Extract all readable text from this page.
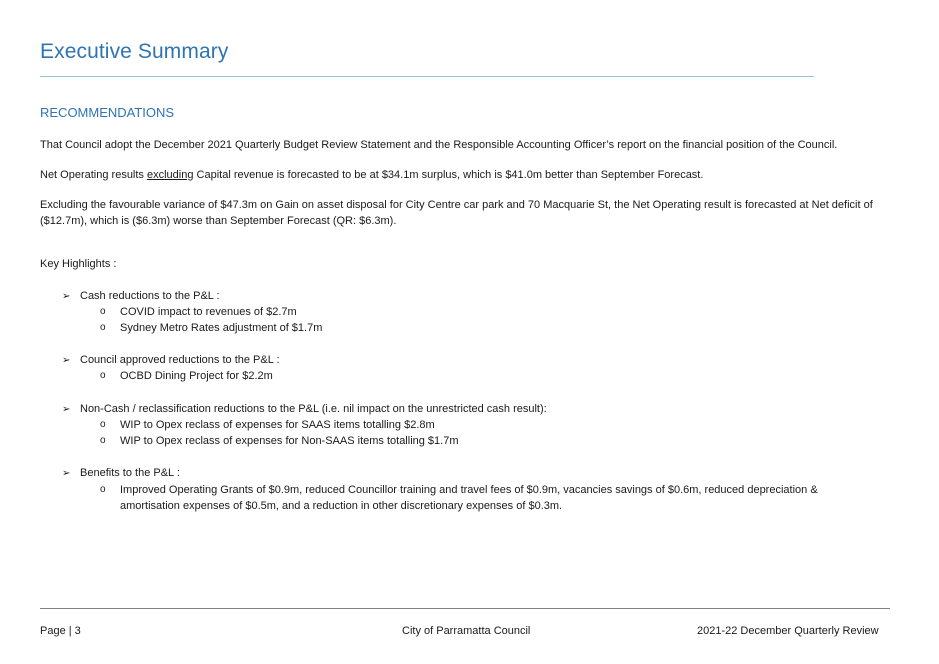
Executive Summary
RECOMMENDATIONS
That Council adopt the December 2021 Quarterly Budget Review Statement and the Responsible Accounting Officer’s report on the financial position of the Council.
Net Operating results excluding Capital revenue is forecasted to be at $34.1m surplus, which is $41.0m better than September Forecast.
Excluding the favourable variance of $47.3m on Gain on asset disposal for City Centre car park and 70 Macquarie St, the Net Operating result is forecasted at Net deficit of ($12.7m), which is ($6.3m) worse than September Forecast (QR: $6.3m).
Key Highlights :
➢ Cash reductions to the P&L :
o	COVID impact to revenues of $2.7m
o	Sydney Metro Rates adjustment of $1.7m
➢ Council approved reductions to the P&L :
o	OCBD Dining Project for $2.2m
➢ Non-Cash / reclassification reductions to the P&L (i.e. nil impact on the unrestricted cash result):
o	WIP to Opex reclass of expenses for SAAS items totalling $2.8m
o	WIP to Opex reclass of expenses for Non-SAAS items totalling $1.7m
➢ Benefits to the P&L :
o	Improved Operating Grants of $0.9m, reduced Councillor training and travel fees of $0.9m, vacancies savings of $0.6m, reduced depreciation & amortisation expenses of $0.5m, and a reduction in other discretionary expenses of $0.3m.
Page | 3	City of Parramatta Council	2021-22 December Quarterly Review
